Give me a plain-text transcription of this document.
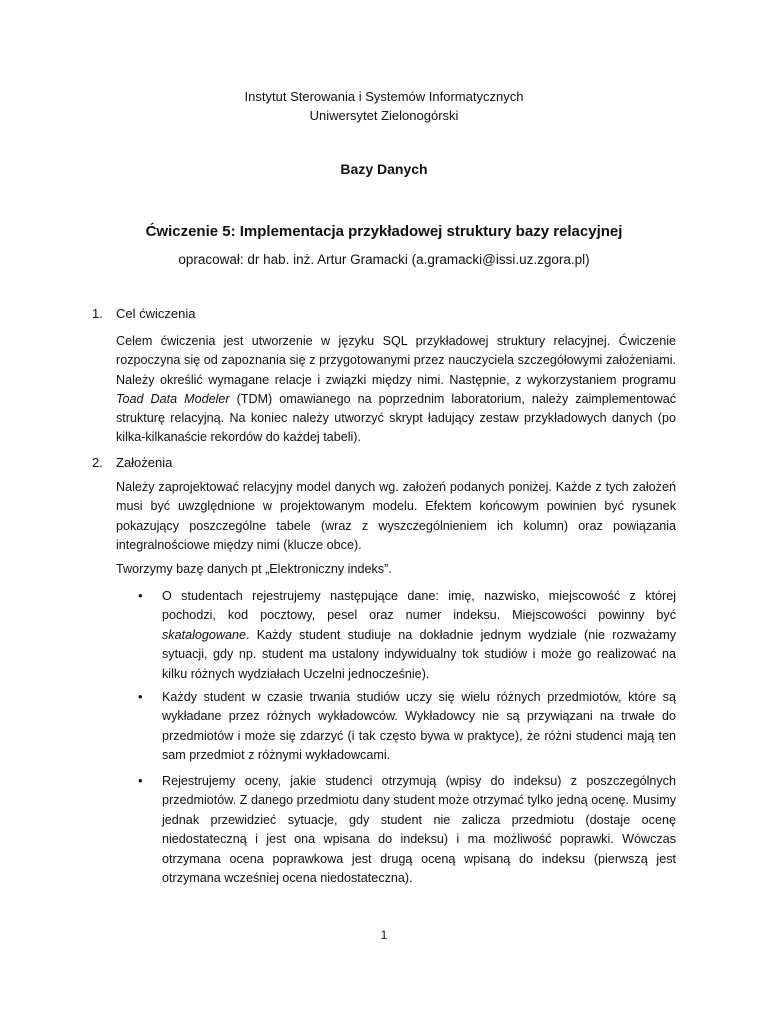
Instytut Sterowania i Systemów Informatycznych
Uniwersytet Zielonogórski
Bazy Danych
Ćwiczenie 5: Implementacja przykładowej struktury bazy relacyjnej
opracował: dr hab. inż. Artur Gramacki (a.gramacki@issi.uz.zgora.pl)
1. Cel ćwiczenia

Celem ćwiczenia jest utworzenie w języku SQL przykładowej struktury relacyjnej. Ćwiczenie rozpoczyna się od zapoznania się z przygotowanymi przez nauczyciela szczegółowymi założeniami. Należy określić wymagane relacje i związki między nimi. Następnie, z wykorzystaniem programu Toad Data Modeler (TDM) omawianego na poprzednim laboratorium, należy zaimplementować strukturę relacyjną. Na koniec należy utworzyć skrypt ładujący zestaw przykładowych danych (po kilka-kilkanaście rekordów do każdej tabeli).

2. Założenia

Należy zaprojektować relacyjny model danych wg. założeń podanych poniżej. Każde z tych założeń musi być uwzględnione w projektowanym modelu. Efektem końcowym powinien być rysunek pokazujący poszczególne tabele (wraz z wyszczególnieniem ich kolumn) oraz powiązania integralnościowe między nimi (klucze obce).

Tworzymy bazę danych pt „Elektroniczny indeks”.

• O studentach rejestrujemy następujące dane: imię, nazwisko, miejscowość z której pochodzi, kod pocztowy, pesel oraz numer indeksu. Miejscowości powinny być skatalogowane. Każdy student studiuje na dokładnie jednym wydziale (nie rozważamy sytuacji, gdy np. student ma ustalony indywidualny tok studiów i może go realizować na kilku różnych wydziałach Uczelni jednocześnie).

• Każdy student w czasie trwania studiów uczy się wielu różnych przedmiotów, które są wykładane przez różnych wykładowców. Wykładowcy nie są przywiązani na trwałe do przedmiotów i może się zdarzyć (i tak często bywa w praktyce), że różni studenci mają ten sam przedmiot z różnymi wykładowcami.

• Rejestrujemy oceny, jakie studenci otrzymują (wpisy do indeksu) z poszczególnych przedmiotów. Z danego przedmiotu dany student może otrzymać tylko jedną ocenę. Musimy jednak przewidzieć sytuacje, gdy student nie zalicza przedmiotu (dostaje ocenę niedostateczną i jest ona wpisana do indeksu) i ma możliwość poprawki. Wówczas otrzymana ocena poprawkowa jest drugą oceną wpisaną do indeksu (pierwszą jest otrzymana wcześniej ocena niedostateczna).

1
